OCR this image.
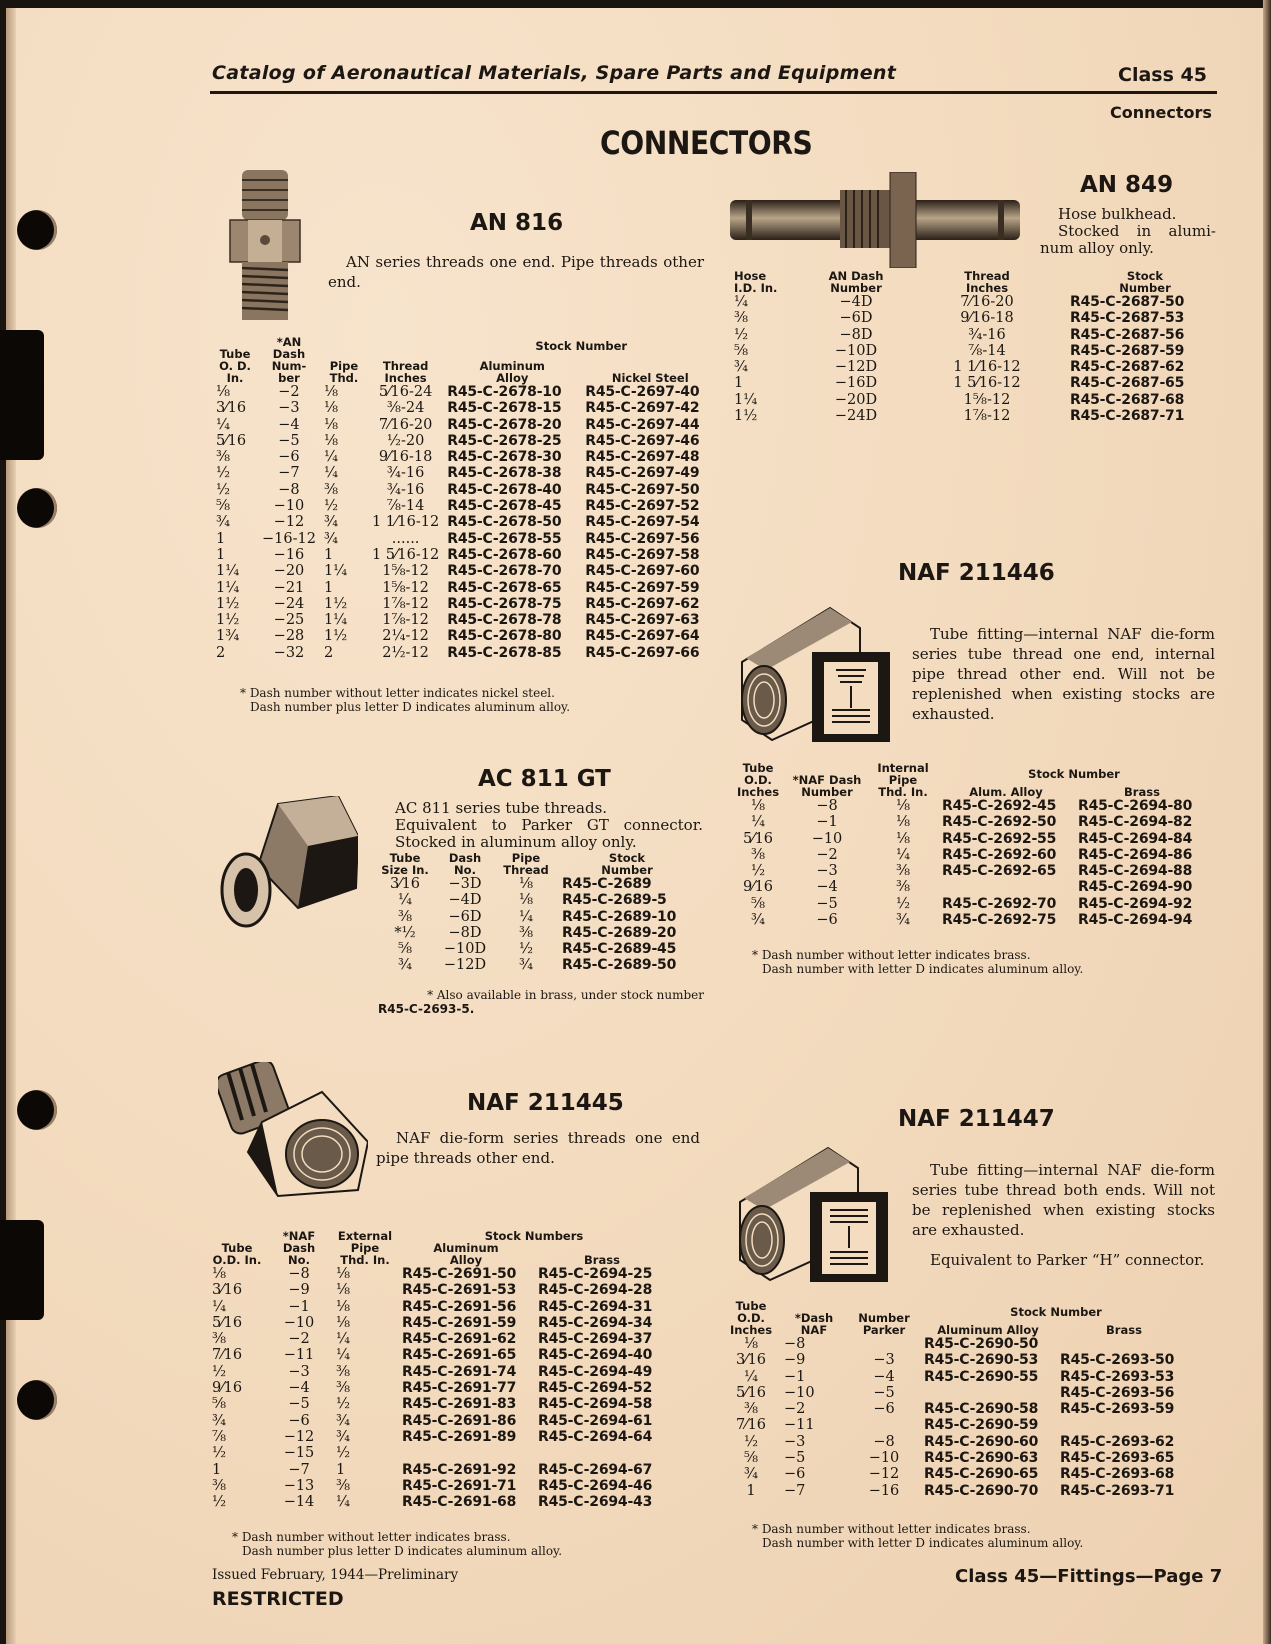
Catalog of Aeronautical Materials, Spare Parts and Equipment	Class 45
Connectors
CONNECTORS
AN 816
AN series threads one end. Pipe threads other end.
Tube
O. D.
In.	*AN
Dash
Num-
ber	Pipe
Thd.	Thread
Inches	Stock Number	
				Aluminum
Alloy	Nickel Steel
⅛	−2	⅛	5⁄16-24	R45-C-2678-10	R45-C-2697-40
3⁄16	−3	⅛	⅜-24	R45-C-2678-15	R45-C-2697-42
¼	−4	⅛	7⁄16-20	R45-C-2678-20	R45-C-2697-44
5⁄16	−5	⅛	½-20	R45-C-2678-25	R45-C-2697-46
⅜	−6	¼	9⁄16-18	R45-C-2678-30	R45-C-2697-48
½	−7	¼	¾-16	R45-C-2678-38	R45-C-2697-49
½	−8	⅜	¾-16	R45-C-2678-40	R45-C-2697-50
⅝	−10	½	⅞-14	R45-C-2678-45	R45-C-2697-52
¾	−12	¾	1 1⁄16-12	R45-C-2678-50	R45-C-2697-54
1	−16-12	¾	......	R45-C-2678-55	R45-C-2697-56
1	−16	1	1 5⁄16-12	R45-C-2678-60	R45-C-2697-58
1¼	−20	1¼	1⅝-12	R45-C-2678-70	R45-C-2697-60
1¼	−21	1	1⅝-12	R45-C-2678-65	R45-C-2697-59
1½	−24	1½	1⅞-12	R45-C-2678-75	R45-C-2697-62
1½	−25	1¼	1⅞-12	R45-C-2678-78	R45-C-2697-63
1¾	−28	1½	2¼-12	R45-C-2678-80	R45-C-2697-64
2	−32	2	2½-12	R45-C-2678-85	R45-C-2697-66
* Dash number without letter indicates nickel steel.
Dash number plus letter D indicates aluminum alloy.
AN 849
Hose bulkhead.
Stocked in alumi-
num alloy only.
Hose
I.D. In.	AN Dash
Number	Thread
Inches	Stock
Number
¼	−4D	7⁄16-20	R45-C-2687-50
⅜	−6D	9⁄16-18	R45-C-2687-53
½	−8D	¾-16	R45-C-2687-56
⅝	−10D	⅞-14	R45-C-2687-59
¾	−12D	1 1⁄16-12	R45-C-2687-62
1	−16D	1 5⁄16-12	R45-C-2687-65
1¼	−20D	1⅝-12	R45-C-2687-68
1½	−24D	1⅞-12	R45-C-2687-71
NAF 211446
Tube fitting—internal NAF die-form series tube thread one end, internal pipe thread other end. Will not be replenished when existing stocks are exhausted.
Tube
O.D.
Inches	*NAF Dash
Number	Internal
Pipe
Thd. In.	Stock Number	
			Alum. Alloy	Brass
⅛	−8	⅛	R45-C-2692-45	R45-C-2694-80
¼	−1	⅛	R45-C-2692-50	R45-C-2694-82
5⁄16	−10	⅛	R45-C-2692-55	R45-C-2694-84
⅜	−2	¼	R45-C-2692-60	R45-C-2694-86
½	−3	⅜	R45-C-2692-65	R45-C-2694-88
9⁄16	−4	⅜		R45-C-2694-90
⅝	−5	½	R45-C-2692-70	R45-C-2694-92
¾	−6	¾	R45-C-2692-75	R45-C-2694-94
* Dash number without letter indicates brass.
Dash number with letter D indicates aluminum alloy.
AC 811 GT
AC 811 series tube threads.
Equivalent to Parker GT connector.
Stocked in aluminum alloy only.
Tube
Size In.	Dash
No.	Pipe
Thread	Stock
Number
3⁄16	−3D	⅛	R45-C-2689
¼	−4D	⅛	R45-C-2689-5
⅜	−6D	¼	R45-C-2689-10
*½	−8D	⅜	R45-C-2689-20
⅝	−10D	½	R45-C-2689-45
¾	−12D	¾	R45-C-2689-50
* Also available in brass, under stock number
R45-C-2693-5.
NAF 211445
NAF die-form series threads one end pipe threads other end.
Tube
O.D. In.	*NAF
Dash No.	External
Pipe
Thd. In.	Stock Numbers	
			Aluminum
Alloy	Brass
⅛	−8	⅛	R45-C-2691-50	R45-C-2694-25
3⁄16	−9	⅛	R45-C-2691-53	R45-C-2694-28
¼	−1	⅛	R45-C-2691-56	R45-C-2694-31
5⁄16	−10	⅛	R45-C-2691-59	R45-C-2694-34
⅜	−2	¼	R45-C-2691-62	R45-C-2694-37
7⁄16	−11	¼	R45-C-2691-65	R45-C-2694-40
½	−3	⅜	R45-C-2691-74	R45-C-2694-49
9⁄16	−4	⅜	R45-C-2691-77	R45-C-2694-52
⅝	−5	½	R45-C-2691-83	R45-C-2694-58
¾	−6	¾	R45-C-2691-86	R45-C-2694-61
⅞	−12	¾	R45-C-2691-89	R45-C-2694-64
½	−15	½		
1	−7	1	R45-C-2691-92	R45-C-2694-67
⅜	−13	⅜	R45-C-2691-71	R45-C-2694-46
½	−14	¼	R45-C-2691-68	R45-C-2694-43
* Dash number without letter indicates brass.
Dash number plus letter D indicates aluminum alloy.
NAF 211447
Tube fitting—internal NAF die-form series tube thread both ends. Will not be replenished when existing stocks are exhausted.
Equivalent to Parker “H” connector.
Tube
O.D.
Inches	*Dash
NAF	Number
Parker	Stock Number	
			Aluminum Alloy	Brass
⅛	−8		R45-C-2690-50	
3⁄16	−9	−3	R45-C-2690-53	R45-C-2693-50
¼	−1	−4	R45-C-2690-55	R45-C-2693-53
5⁄16	−10	−5		R45-C-2693-56
⅜	−2	−6	R45-C-2690-58	R45-C-2693-59
7⁄16	−11		R45-C-2690-59	
½	−3	−8	R45-C-2690-60	R45-C-2693-62
⅝	−5	−10	R45-C-2690-63	R45-C-2693-65
¾	−6	−12	R45-C-2690-65	R45-C-2693-68
1	−7	−16	R45-C-2690-70	R45-C-2693-71
* Dash number without letter indicates brass.
Dash number with letter D indicates aluminum alloy.
Issued February, 1944—Preliminary
RESTRICTED
Class 45—Fittings—Page 7
